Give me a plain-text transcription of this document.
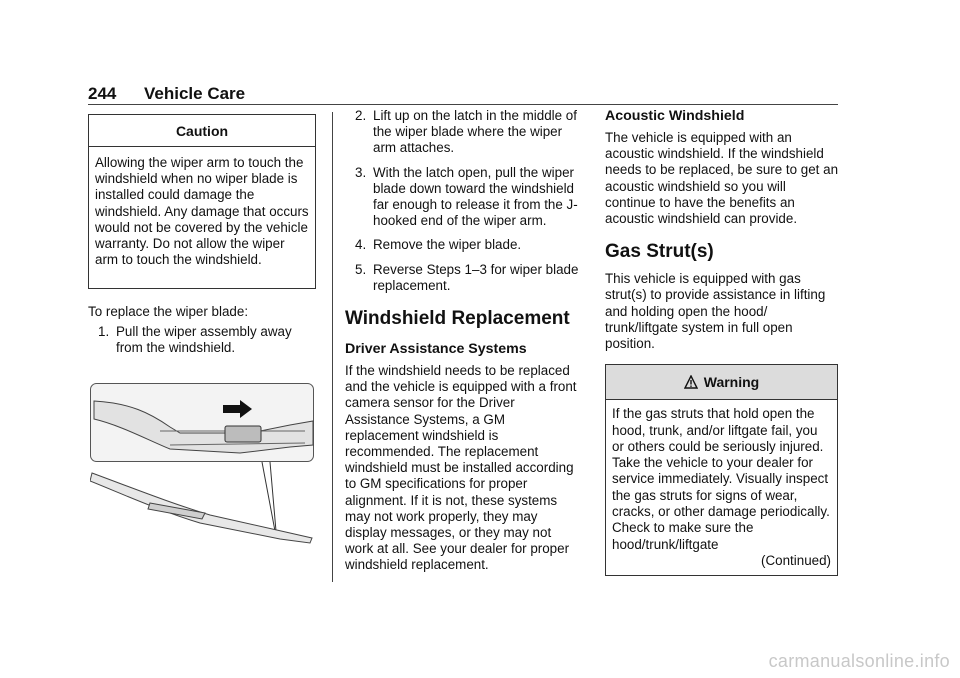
244 Vehicle Care
Caution

Allowing the wiper arm to touch the windshield when no wiper blade is installed could damage the windshield. Any damage that occurs would not be covered by the vehicle warranty. Do not allow the wiper arm to touch the windshield.

To replace the wiper blade:

1. Pull the wiper assembly away from the windshield.
2. Lift up on the latch in the middle of the wiper blade where the wiper arm attaches.
3. With the latch open, pull the wiper blade down toward the windshield far enough to release it from the J-hooked end of the wiper arm.
4. Remove the wiper blade.
5. Reverse Steps 1–3 for wiper blade replacement.
Windshield Replacement
Driver Assistance Systems

If the windshield needs to be replaced and the vehicle is equipped with a front camera sensor for the Driver Assistance Systems, a GM replacement windshield is recommended. The replacement windshield must be installed according to GM specifications for proper alignment. If it is not, these systems may not work properly, they may display messages, or they may not work at all. See your dealer for proper windshield replacement.

Acoustic Windshield

The vehicle is equipped with an acoustic windshield. If the windshield needs to be replaced, be sure to get an acoustic windshield so you will continue to have the benefits an acoustic windshield can provide.

Gas Strut(s)

This vehicle is equipped with gas strut(s) to provide assistance in lifting and holding open the hood/ trunk/liftgate system in full open position.

Warning
If the gas struts that hold open the hood, trunk, and/or liftgate fail, you or others could be seriously injured. Take the vehicle to your dealer for service immediately. Visually inspect the gas struts for signs of wear, cracks, or other damage periodically. Check to make sure the hood/trunk/liftgate
(Continued)
carmanualsonline.info
